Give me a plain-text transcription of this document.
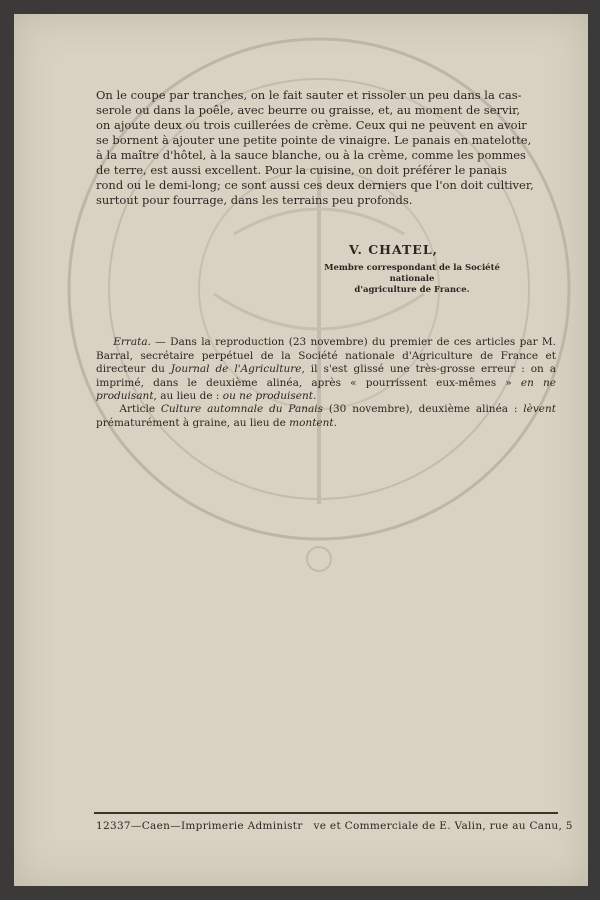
On le coupe par tranches, on le fait sauter et rissoler un peu dans la cas-
serole ou dans la poêle, avec beurre ou graisse, et, au moment de servir,
on ajoute deux ou trois cuillerées de crème. Ceux qui ne peuvent en avoir
se bornent à ajouter une petite pointe de vinaigre. Le panais en matelotte,
à la maître d'hôtel, à la sauce blanche, ou à la crème, comme les pommes
de terre, est aussi excellent. Pour la cuisine, on doit préférer le panais
rond ou le demi-long; ce sont aussi ces deux derniers que l'on doit cultiver,
surtout pour fourrage, dans les terrains peu profonds.
V. CHATEL,
Membre correspondant de la Société nationale
d'agriculture de France.
Errata. — Dans la reproduction (23 novembre) du premier de ces articles par M. Barral, secrétaire perpétuel de la Société nationale d'Agriculture de France et directeur du Journal de l'Agriculture, il s'est glissé une très-grosse erreur : on a imprimé, dans le deuxième alinéa, après « pourrissent eux-mêmes » en ne produisant, au lieu de : ou ne produisent.
Article Culture automnale du Panais (30 novembre), deuxième alinéa : lèvent prématurément à graine, au lieu de montent.
12337—Caen—Imprimerie Administr   ve et Commerciale de E. Valin, rue au Canu, 5
